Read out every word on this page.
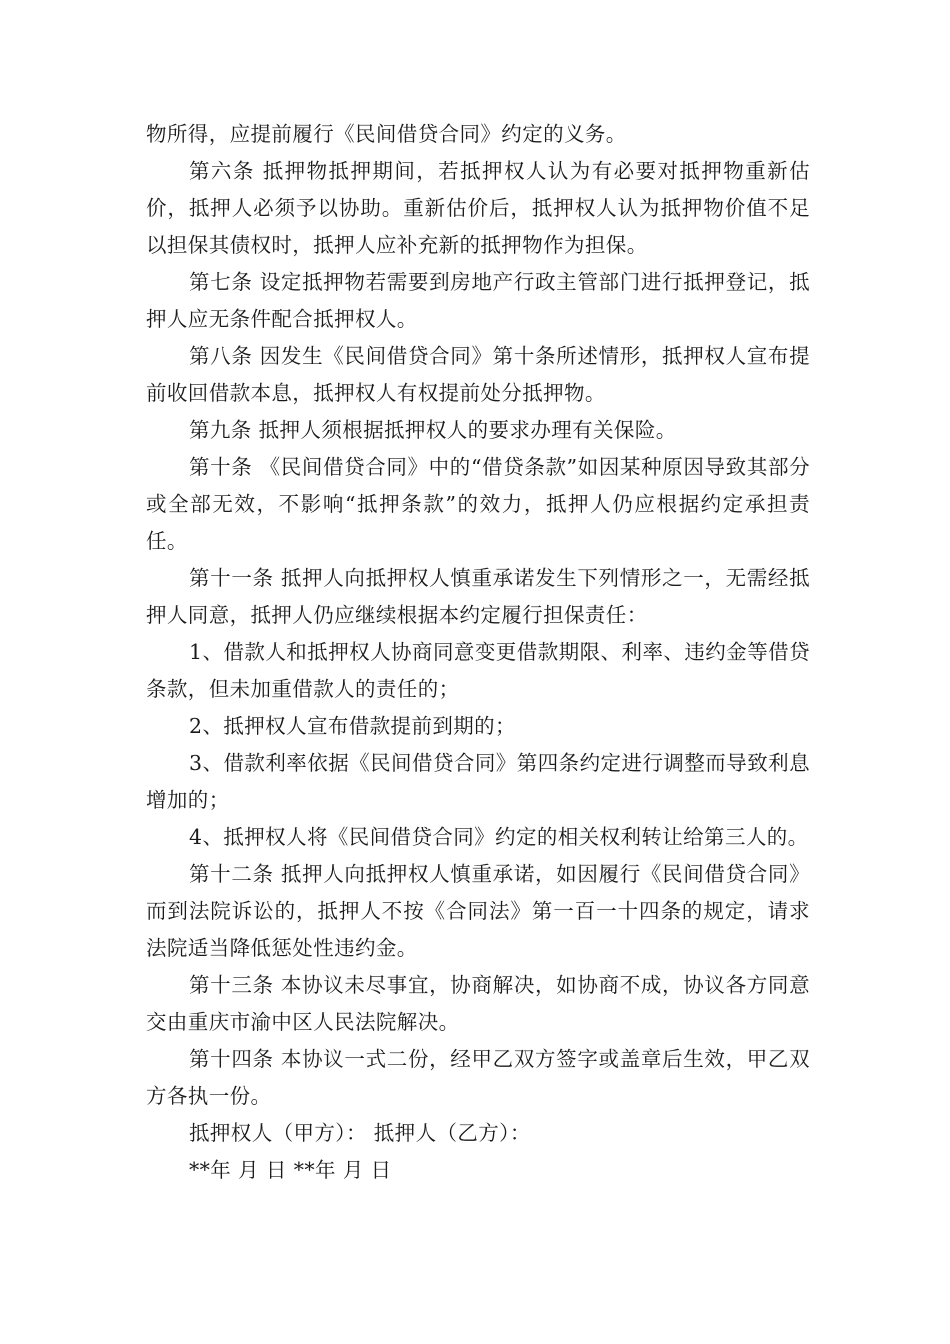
物所得，应提前履行《民间借贷合同》约定的义务。

第六条 抵押物抵押期间，若抵押权人认为有必要对抵押物重新估价，抵押人必须予以协助。重新估价后，抵押权人认为抵押物价值不足以担保其债权时，抵押人应补充新的抵押物作为担保。

第七条 设定抵押物若需要到房地产行政主管部门进行抵押登记，抵押人应无条件配合抵押权人。

第八条 因发生《民间借贷合同》第十条所述情形，抵押权人宣布提前收回借款本息，抵押权人有权提前处分抵押物。

第九条 抵押人须根据抵押权人的要求办理有关保险。

第十条 《民间借贷合同》中的“借贷条款”如因某种原因导致其部分或全部无效，不影响“抵押条款”的效力，抵押人仍应根据约定承担责任。

第十一条 抵押人向抵押权人慎重承诺发生下列情形之一，无需经抵押人同意，抵押人仍应继续根据本约定履行担保责任：

1、借款人和抵押权人协商同意变更借款期限、利率、违约金等借贷条款，但未加重借款人的责任的；

2、抵押权人宣布借款提前到期的；

3、借款利率依据《民间借贷合同》第四条约定进行调整而导致利息增加的；

4、抵押权人将《民间借贷合同》约定的相关权利转让给第三人的。

第十二条 抵押人向抵押权人慎重承诺，如因履行《民间借贷合同》而到法院诉讼的，抵押人不按《合同法》第一百一十四条的规定，请求法院适当降低惩处性违约金。

第十三条 本协议未尽事宜，协商解决，如协商不成，协议各方同意交由重庆市渝中区人民法院解决。

第十四条 本协议一式二份，经甲乙双方签字或盖章后生效，甲乙双方各执一份。

抵押权人（甲方）： 抵押人（乙方）：

**年 月 日 **年 月 日
